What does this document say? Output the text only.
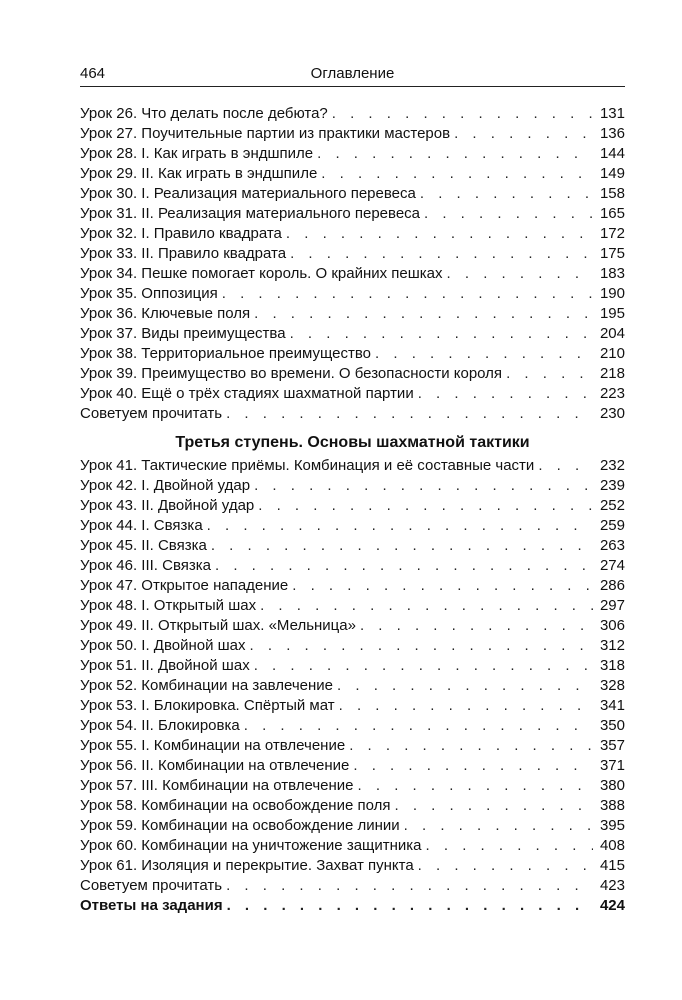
464	Оглавление
Урок 26. Что делать после дебюта? . . .	131
Урок 27. Поучительные партии из практики мастеров . . .	136
Урок 28. I. Как играть в эндшпиле . . .	144
Урок 29. II. Как играть в эндшпиле . . .	149
Урок 30. I. Реализация материального перевеса . . .	158
Урок 31. II. Реализация материального перевеса . . .	165
Урок 32. I. Правило квадрата . . .	172
Урок 33. II. Правило квадрата . . .	175
Урок 34. Пешке помогает король. О крайних пешках . . .	183
Урок 35. Оппозиция . . .	190
Урок 36. Ключевые поля . . .	195
Урок 37. Виды преимущества . . .	204
Урок 38. Территориальное преимущество . . .	210
Урок 39. Преимущество во времени. О безопасности короля . . .	218
Урок 40. Ещё о трёх стадиях шахматной партии . . .	223
Советуем прочитать . . .	230
Третья ступень. Основы шахматной тактики
Урок 41. Тактические приёмы. Комбинация и её составные части . . .	232
Урок 42. I. Двойной удар . . .	239
Урок 43. II. Двойной удар . . .	252
Урок 44. I. Связка . . .	259
Урок 45. II. Связка . . .	263
Урок 46. III. Связка . . .	274
Урок 47. Открытое нападение . . .	286
Урок 48. I. Открытый шах . . .	297
Урок 49. II. Открытый шах. «Мельница» . . .	306
Урок 50. I. Двойной шах . . .	312
Урок 51. II. Двойной шах . . .	318
Урок 52. Комбинации на завлечение . . .	328
Урок 53. I. Блокировка. Спёртый мат . . .	341
Урок 54. II. Блокировка . . .	350
Урок 55. I. Комбинации на отвлечение . . .	357
Урок 56. II. Комбинации на отвлечение . . .	371
Урок 57. III. Комбинации на отвлечение . . .	380
Урок 58. Комбинации на освобождение поля . . .	388
Урок 59. Комбинации на освобождение линии . . .	395
Урок 60. Комбинации на уничтожение защитника . . .	408
Урок 61. Изоляция и перекрытие. Захват пункта . . .	415
Советуем прочитать . . .	423
Ответы на задания . . .	424
